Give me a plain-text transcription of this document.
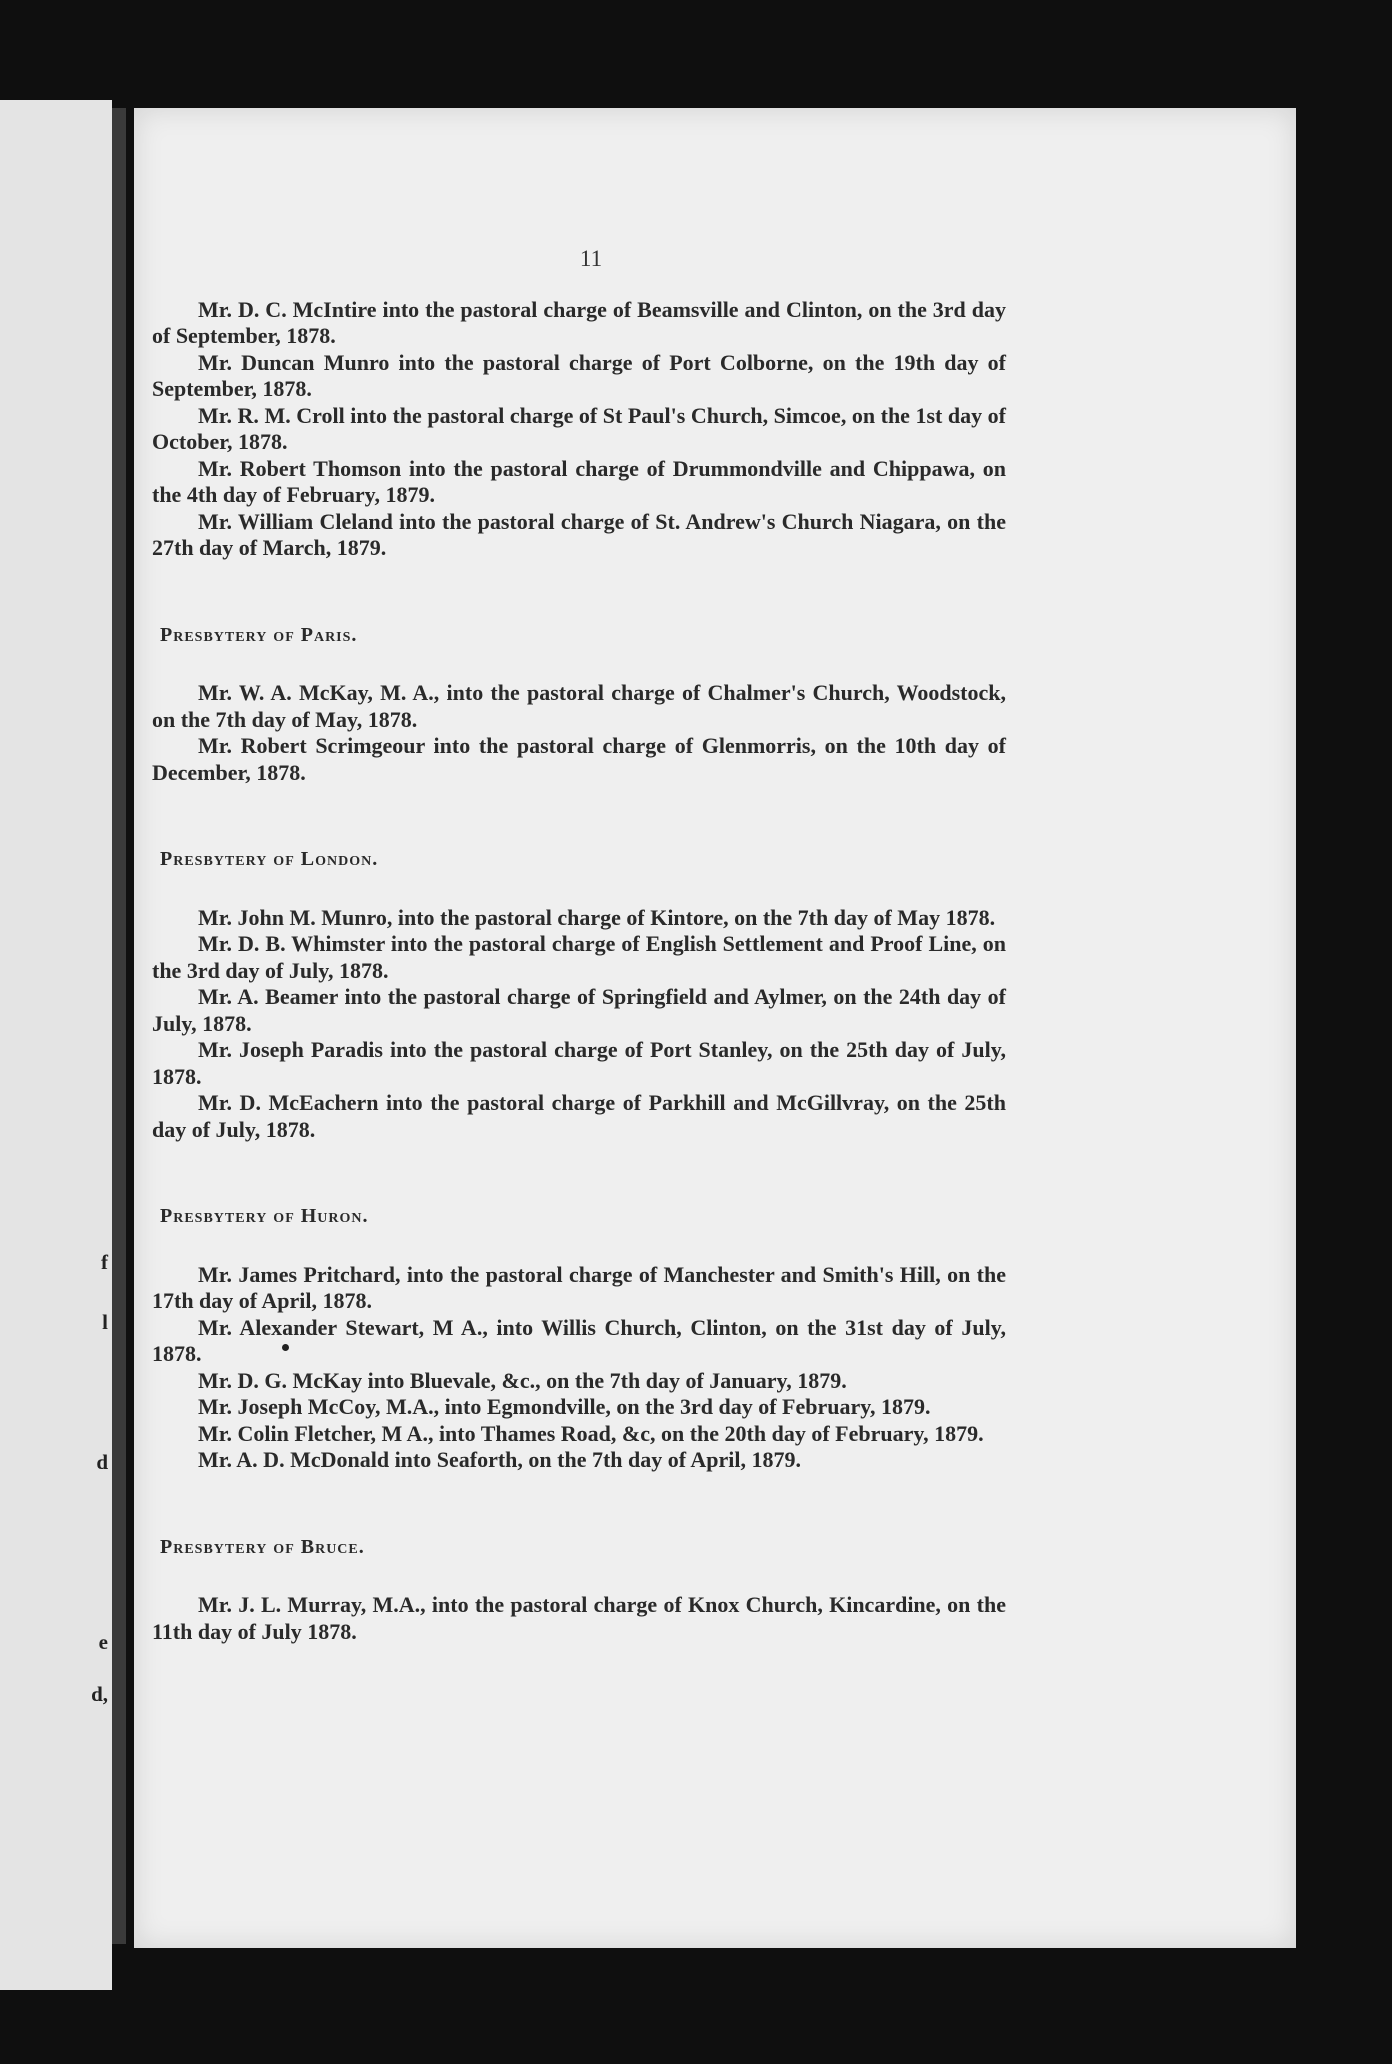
f
l
d
e
d,
11

Mr. D. C. McIntire into the pastoral charge of Beamsville and Clinton, on the 3rd day of September, 1878.

Mr. Duncan Munro into the pastoral charge of Port Colborne, on the 19th day of September, 1878.

Mr. R. M. Croll into the pastoral charge of St Paul's Church, Simcoe, on the 1st day of October, 1878.

Mr. Robert Thomson into the pastoral charge of Drummondville and Chippawa, on the 4th day of February, 1879.

Mr. William Cleland into the pastoral charge of St. Andrew's Church Niagara, on the 27th day of March, 1879.

Presbytery of Paris.

Mr. W. A. McKay, M. A., into the pastoral charge of Chalmer's Church, Woodstock, on the 7th day of May, 1878.

Mr. Robert Scrimgeour into the pastoral charge of Glenmorris, on the 10th day of December, 1878.

Presbytery of London.

Mr. John M. Munro, into the pastoral charge of Kintore, on the 7th day of May 1878.

Mr. D. B. Whimster into the pastoral charge of English Settlement and Proof Line, on the 3rd day of July, 1878.

Mr. A. Beamer into the pastoral charge of Springfield and Aylmer, on the 24th day of July, 1878.

Mr. Joseph Paradis into the pastoral charge of Port Stanley, on the 25th day of July, 1878.

Mr. D. McEachern into the pastoral charge of Parkhill and McGillvray, on the 25th day of July, 1878.

Presbytery of Huron.

Mr. James Pritchard, into the pastoral charge of Manchester and Smith's Hill, on the 17th day of April, 1878.

Mr. Alexander Stewart, M A., into Willis Church, Clinton, on the 31st day of July, 1878.

Mr. D. G. McKay into Bluevale, &c., on the 7th day of January, 1879.

Mr. Joseph McCoy, M.A., into Egmondville, on the 3rd day of February, 1879.

Mr. Colin Fletcher, M A., into Thames Road, &c, on the 20th day of February, 1879.

Mr. A. D. McDonald into Seaforth, on the 7th day of April, 1879.

Presbytery of Bruce.

Mr. J. L. Murray, M.A., into the pastoral charge of Knox Church, Kincardine, on the 11th day of July 1878.
